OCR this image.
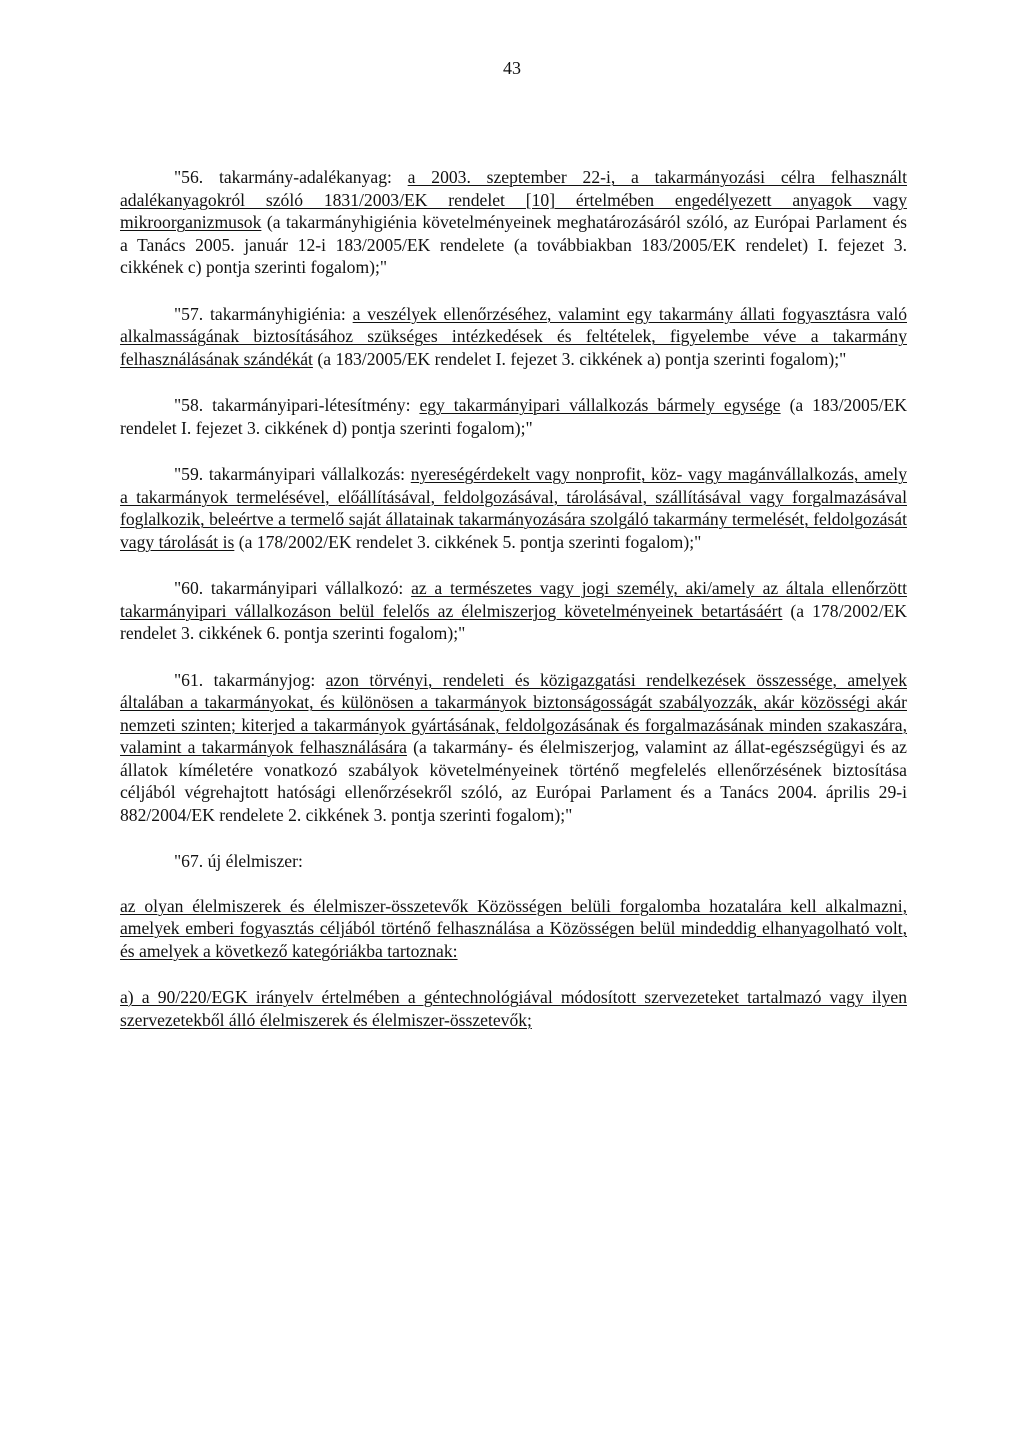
43

"56. takarmány-adalékanyag: a 2003. szeptember 22-i, a takarmányozási célra felhasznált adalékanyagokról szóló 1831/2003/EK rendelet [10] értelmében engedélyezett anyagok vagy mikroorganizmusok (a takarmányhigiénia követelményeinek meghatározásáról szóló, az Európai Parlament és a Tanács 2005. január 12-i 183/2005/EK rendelete (a továbbiakban 183/2005/EK rendelet) I. fejezet 3. cikkének c) pontja szerinti fogalom);"

"57. takarmányhigiénia: a veszélyek ellenőrzéséhez, valamint egy takarmány állati fogyasztásra való alkalmasságának biztosításához szükséges intézkedések és feltételek, figyelembe véve a takarmány felhasználásának szándékát (a 183/2005/EK rendelet I. fejezet 3. cikkének a) pontja szerinti fogalom);"

"58. takarmányipari-létesítmény: egy takarmányipari vállalkozás bármely egysége (a 183/2005/EK rendelet I. fejezet 3. cikkének d) pontja szerinti fogalom);"

"59. takarmányipari vállalkozás: nyereségérdekelt vagy nonprofit, köz- vagy magánvállalkozás, amely a takarmányok termelésével, előállításával, feldolgozásával, tárolásával, szállításával vagy forgalmazásával foglalkozik, beleértve a termelő saját állatainak takarmányozására szolgáló takarmány termelését, feldolgozását vagy tárolását is (a 178/2002/EK rendelet 3. cikkének 5. pontja szerinti fogalom);"

"60. takarmányipari vállalkozó: az a természetes vagy jogi személy, aki/amely az általa ellenőrzött takarmányipari vállalkozáson belül felelős az élelmiszerjog követelményeinek betartásáért (a 178/2002/EK rendelet 3. cikkének 6. pontja szerinti fogalom);"

"61. takarmányjog: azon törvényi, rendeleti és közigazgatási rendelkezések összessége, amelyek általában a takarmányokat, és különösen a takarmányok biztonságosságát szabályozzák, akár közösségi akár nemzeti szinten; kiterjed a takarmányok gyártásának, feldolgozásának és forgalmazásának minden szakaszára, valamint a takarmányok felhasználására (a takarmány- és élelmiszerjog, valamint az állat-egészségügyi és az állatok kíméletére vonatkozó szabályok követelményeinek történő megfelelés ellenőrzésének biztosítása céljából végrehajtott hatósági ellenőrzésekről szóló, az Európai Parlament és a Tanács 2004. április 29-i 882/2004/EK rendelete 2. cikkének 3. pontja szerinti fogalom);"

"67. új élelmiszer:

az olyan élelmiszerek és élelmiszer-összetevők Közösségen belüli forgalomba hozatalára kell alkalmazni, amelyek emberi fogyasztás céljából történő felhasználása a Közösségen belül mindeddig elhanyagolható volt, és amelyek a következő kategóriákba tartoznak:

a) a 90/220/EGK irányelv értelmében a géntechnológiával módosított szervezeteket tartalmazó vagy ilyen szervezetekből álló élelmiszerek és élelmiszer-összetevők;
